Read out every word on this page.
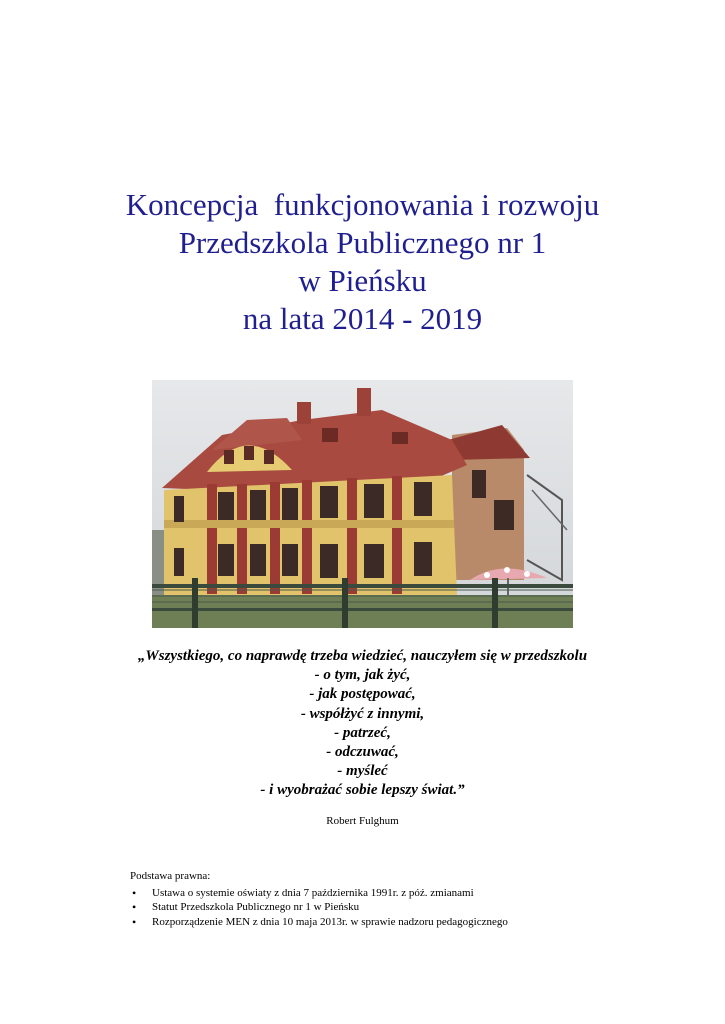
Koncepcja  funkcjonowania i rozwoju
Przedszkola Publicznego nr 1
w Pieńsku
na lata 2014 - 2019
„Wszystkiego, co naprawdę trzeba wiedzieć, nauczyłem się w przedszkolu
- o tym, jak żyć,
- jak postępować,
- współżyć z innymi,
- patrzeć,
- odczuwać,
- myśleć
- i wyobrażać sobie lepszy świat.”
Robert Fulghum
Podstawa prawna:
• Ustawa o systemie oświaty z dnia 7 października 1991r. z póź. zmianami
• Statut Przedszkola Publicznego nr 1 w Pieńsku
• Rozporządzenie MEN z dnia 10 maja 2013r. w sprawie nadzoru pedagogicznego
